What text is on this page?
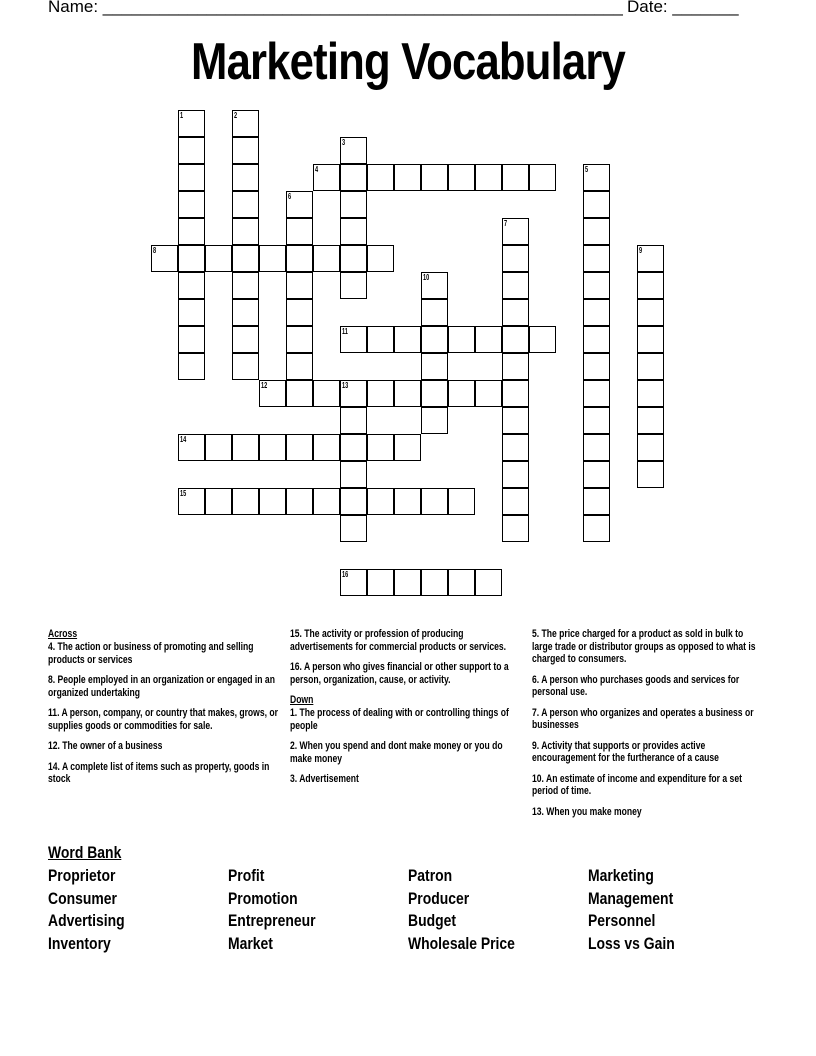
Name: _______________________________________________________ Date: _______
Marketing Vocabulary
1	2
3
4	5
6
7
8	9
10
11
12	13
14
15
16
Across
4. The action or business of promoting and selling products or services
8. People employed in an organization or engaged in an organized undertaking
11. A person, company, or country that makes, grows, or supplies goods or commodities for sale.
12. The owner of a business
14. A complete list of items such as property, goods in stock
15. The activity or profession of producing advertisements for commercial products or services.
16. A person who gives financial or other support to a person, organization, cause, or activity.
Down
1. The process of dealing with or controlling things of people
2. When you spend and dont make money or you do make money
3. Advertisement
5. The price charged for a product as sold in bulk to large trade or distributor groups as opposed to what is charged to consumers.
6. A person who purchases goods and services for personal use.
7. A person who organizes and operates a business or businesses
9. Activity that supports or provides active encouragement for the furtherance of a cause
10. An estimate of income and expenditure for a set period of time.
13. When you make money
Word Bank
Proprietor
Consumer
Advertising
Inventory
Profit
Promotion
Entrepreneur
Market
Patron
Producer
Budget
Wholesale Price
Marketing
Management
Personnel
Loss vs Gain
